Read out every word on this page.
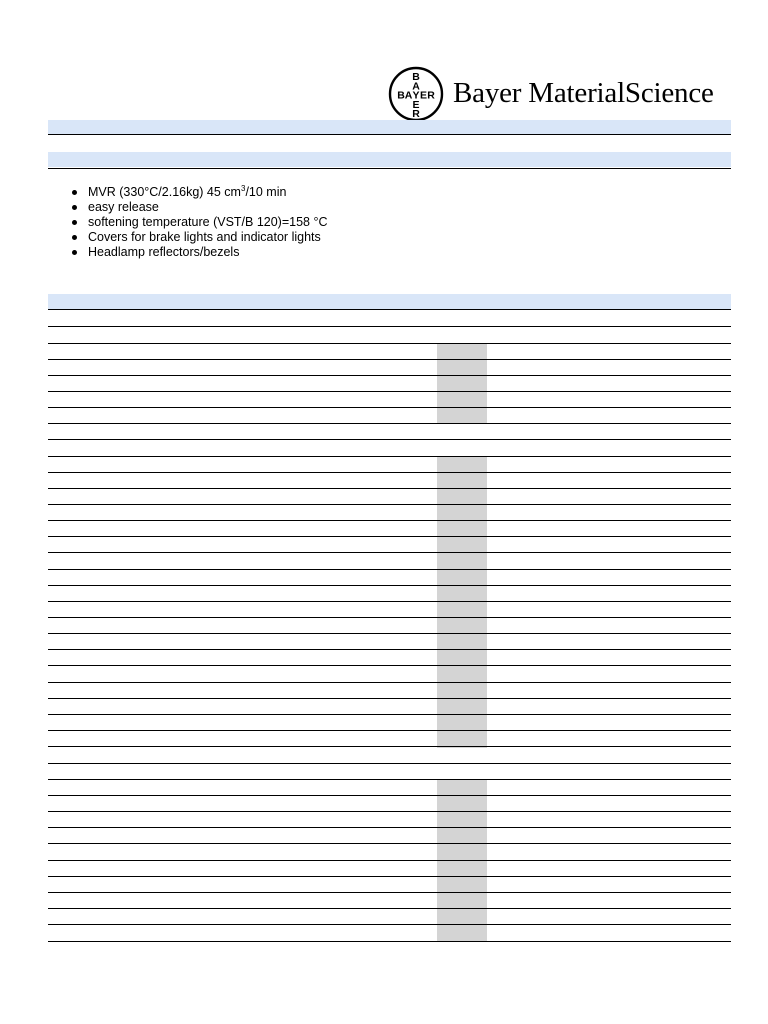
B
A
B A Y E R
E
R
Bayer MaterialScience
MVR (330°C/2.16kg) 45 $cm^3/10$ min
easy release
softening temperature (VST/B 120)=158 °C
Covers for brake lights and indicator lights
Headlamp reflectors/bezels
